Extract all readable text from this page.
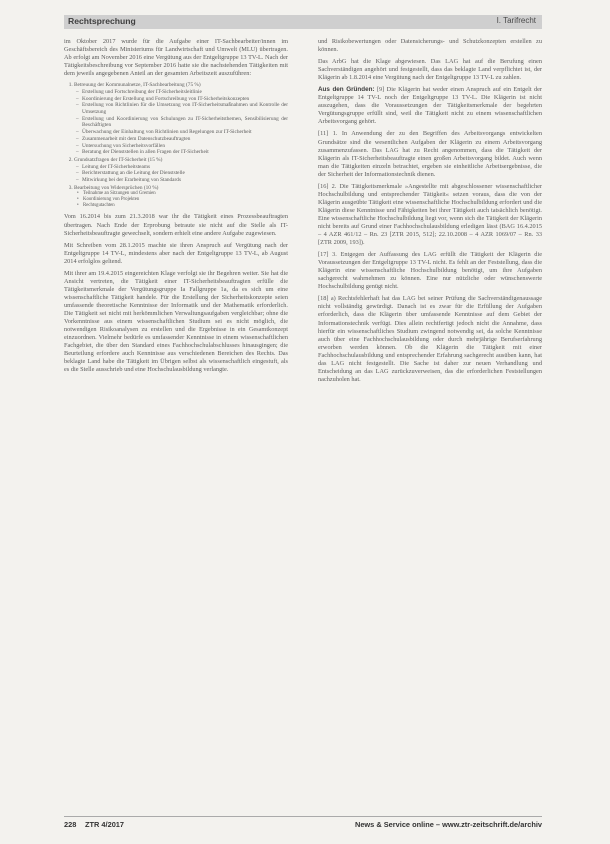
Rechtsprechung	I. Tarifrecht

im Oktober 2017 wurde für die Aufgabe einer IT-Sachbearbeiter/innen im Geschäftsbereich des Ministeriums für Landwirtschaft und Umwelt (MLU) übertragen. Ab erfolgt am November 2016 eine Vergütung aus der Entgeltgruppe 13 TV-L. Nach der Tätigkeitsbeschreibung vor September 2016 hatte sie die nachstehenden Tätigkeiten mit dem jeweils angegebenen Anteil an der gesamten Arbeitszeit auszuführen:

1. Betreuung der Kommunalnetze, IT-Sachbearbeitung (75 %)
– Erstellung und Fortschreibung der IT-Sicherheitsleitlinie
– Koordinierung der Erstellung und Fortschreibung von IT-Sicherheitskonzepten
– Erstellung von Richtlinien für die Umsetzung von IT-Sicherheitsmaßnahmen und Kontrolle der Umsetzung
– Erstellung und Koordinierung von Schulungen zu IT-Sicherheitsthemen, Sensibilisierung der Beschäftigten
– Überwachung der Einhaltung von Richtlinien und Regelungen zur IT-Sicherheit
– Zusammenarbeit mit dem Datenschutzbeauftragten
– Untersuchung von Sicherheitsvorfällen
– Beratung der Dienststellen in allen Fragen der IT-Sicherheit
2. Grundsatzfragen der IT-Sicherheit (15 %)
– Leitung der IT-Sicherheitsteams
– Berichterstattung an die Leitung der Dienststelle
– Mitwirkung bei der Erarbeitung von Standards
3. Bearbeitung von Widersprüchen (10 %)
• Teilnahme an Sitzungen und Gremien
• Koordinierung von Projekten
• Rechtsgutachten

Vom 16.2014 bis zum 21.3.2018 war ihr die Tätigkeit eines Prozessbeauftragten übertragen. Nach Ende der Erprobung betraute sie nicht auf die Stelle als IT-Sicherheitsbeauftragte gewechselt, sondern erhielt eine andere Aufgabe zugewiesen.

Mit Schreiben vom 28.1.2015 machte sie ihren Anspruch auf Vergütung nach der Entgeltgruppe 14 TV-L, mindestens aber nach der Entgeltgruppe 13 TV-L, ab August 2014 erfolglos geltend.

Mit ihrer am 19.4.2015 eingereichten Klage verfolgt sie ihr Begehren weiter. Sie hat die Ansicht vertreten, die Tätigkeit einer IT-Sicherheitsbeauftragten erfülle die Tätigkeitsmerkmale der Vergütungsgruppe Ia Fallgruppe 1a, da es sich um eine wissenschaftliche Tätigkeit handele. Für die Erstellung der Sicherheitskonzepte seien umfassende theoretische Kenntnisse der Informatik und der Mathematik erforderlich. Die Tätigkeit sei nicht mit herkömmlichen Verwaltungsaufgaben vergleichbar; ohne die Vorkenntnisse aus einem wissenschaftlichen Studium sei es nicht möglich, die notwendigen Risikoanalysen zu erstellen und die Ergebnisse in ein Gesamtkonzept einzuordnen. Vielmehr bedürfe es umfassender Kenntnisse in einem wissenschaftlichen Fachgebiet, die über den Standard eines Fachhochschulabschlusses hinausgingen; die Beurteilung erfordere auch Kenntnisse aus verschiedenen Bereichen des Rechts. Das beklagte Land habe die Tätigkeit im Übrigen selbst als wissenschaftlich eingestuft, als es die Stelle ausschrieb und eine Hochschulausbildung verlangte.

und Risikobewertungen oder Datensicherungs- und Schutzkonzepten erstellen zu können.

Das ArbG hat die Klage abgewiesen. Das LAG hat auf die Berufung einen Sachverständigen angehört und festgestellt, dass das beklagte Land verpflichtet ist, der Klägerin ab 1.8.2014 eine Vergütung nach der Entgeltgruppe 13 TV-L zu zahlen.

Aus den Gründen: [9] Die Klägerin hat weder einen Anspruch auf ein Entgelt der Entgeltgruppe 14 TV-L noch der Entgeltgruppe 13 TV-L. Die Klägerin ist nicht auszugehen, dass die Voraussetzungen der Tätigkeitsmerkmale der begehrten Vergütungsgruppe erfüllt sind, weil die Tätigkeit nicht zu einem wissenschaftlichen Arbeitsvorgang gehört.

[11] 1. In Anwendung der zu den Begriffen des Arbeitsvorgangs entwickelten Grundsätze sind die wesentlichen Aufgaben der Klägerin zu einem Arbeitsvorgang zusammenzufassen. Das LAG hat zu Recht angenommen, dass die Tätigkeit der Klägerin als IT-Sicherheitsbeauftragte einen großen Arbeitsvorgang bildet. Auch wenn man die Tätigkeiten einzeln betrachtet, ergeben sie einheitliche Arbeitsergebnisse, die der Sicherheit der Informationstechnik dienen.

[16] 2. Die Tätigkeitsmerkmale »Angestellte mit abgeschlossener wissenschaftlicher Hochschulbildung und entsprechender Tätigkeit« setzen voraus, dass die von der Klägerin ausgeübte Tätigkeit eine wissenschaftliche Hochschulbildung erfordert und die Klägerin diese Kenntnisse und Fähigkeiten bei ihrer Tätigkeit auch tatsächlich benötigt. Eine wissenschaftliche Hochschulbildung liegt vor, wenn sich die Tätigkeit der Klägerin nicht bereits auf Grund einer Fachhochschulausbildung erledigen lässt (BAG 16.4.2015 – 4 AZR 461/12 – Rn. 23 [ZTR 2015, 512]; 22.10.2008 – 4 AZR 1069/07 – Rn. 33 [ZTR 2009, 193]).

[17] 3. Entgegen der Auffassung des LAG erfüllt die Tätigkeit der Klägerin die Voraussetzungen der Entgeltgruppe 13 TV-L nicht. Es fehlt an der Feststellung, dass die Klägerin eine wissenschaftliche Hochschulbildung benötigt, um ihre Aufgaben sachgerecht wahrnehmen zu können. Eine nur nützliche oder wünschenswerte Hochschulbildung genügt nicht.

[18] a) Rechtsfehlerhaft hat das LAG bei seiner Prüfung die Sachverständigenaussage nicht vollständig gewürdigt. Danach ist es zwar für die Erfüllung der Aufgaben erforderlich, dass die Klägerin über umfassende Kenntnisse auf dem Gebiet der Informationstechnik verfügt. Dies allein rechtfertigt jedoch nicht die Annahme, dass hierfür ein wissenschaftliches Studium zwingend notwendig sei, da solche Kenntnisse auch über eine Fachhochschulausbildung oder durch mehrjährige Berufserfahrung erworben werden können. Ob die Klägerin die Tätigkeit mit einer Fachhochschulausbildung und entsprechender Erfahrung sachgerecht ausüben kann, hat das LAG nicht festgestellt. Die Sache ist daher zur neuen Verhandlung und Entscheidung an das LAG zurückzuverweisen, das die erforderlichen Feststellungen nachzuholen hat.

228 ZTR 4/2017	News & Service online – www.ztr-zeitschrift.de/archiv
